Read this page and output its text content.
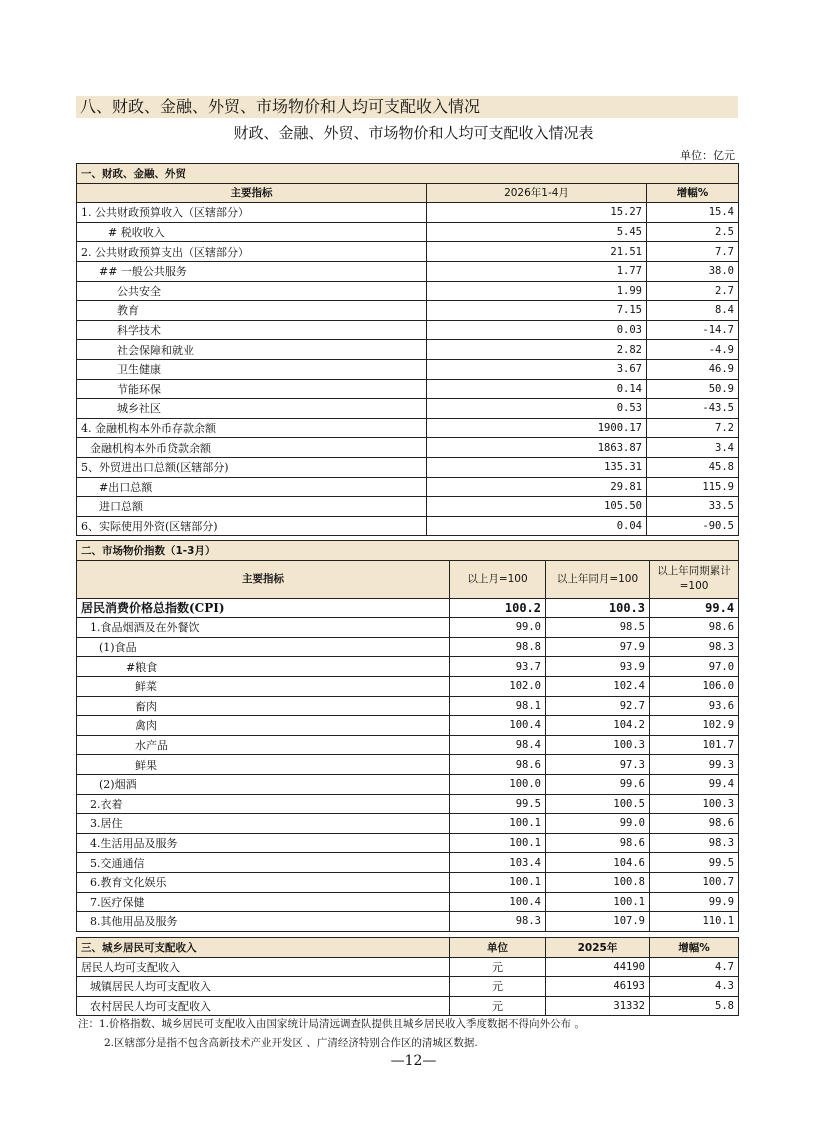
八、财政、金融、外贸、市场物价和人均可支配收入情况
财政、金融、外贸、市场物价和人均可支配收入情况表
单位：亿元
一、财政、金融、外贸		
主要指标	2026年1-4月	增幅%
1. 公共财政预算收入（区辖部分）	15.27	15.4
# 税收收入	5.45	2.5
2. 公共财政预算支出（区辖部分）	21.51	7.7
## 一般公共服务	1.77	38.0
公共安全	1.99	2.7
教育	7.15	8.4
科学技术	0.03	-14.7
社会保障和就业	2.82	-4.9
卫生健康	3.67	46.9
节能环保	0.14	50.9
城乡社区	0.53	-43.5
4. 金融机构本外币存款余额	1900.17	7.2
金融机构本外币贷款余额	1863.87	3.4
5、外贸进出口总额(区辖部分)	135.31	45.8
#出口总额	29.81	115.9
进口总额	105.50	33.5
6、实际使用外资(区辖部分)	0.04	-90.5
二、市场物价指数（1-3月）			
主要指标	以上月=100	以上年同月=100	以上年同期累计=100
居民消费价格总指数(CPI)	100.2	100.3	99.4
1.食品烟酒及在外餐饮	99.0	98.5	98.6
(1)食品	98.8	97.9	98.3
#粮食	93.7	93.9	97.0
鲜菜	102.0	102.4	106.0
畜肉	98.1	92.7	93.6
禽肉	100.4	104.2	102.9
水产品	98.4	100.3	101.7
鲜果	98.6	97.3	99.3
(2)烟酒	100.0	99.6	99.4
2.衣着	99.5	100.5	100.3
3.居住	100.1	99.0	98.6
4.生活用品及服务	100.1	98.6	98.3
5.交通通信	103.4	104.6	99.5
6.教育文化娱乐	100.1	100.8	100.7
7.医疗保健	100.4	100.1	99.9
8.其他用品及服务	98.3	107.9	110.1
三、城乡居民可支配收入	单位	2025年	增幅%
居民人均可支配收入	元	44190	4.7
城镇居民人均可支配收入	元	46193	4.3
农村居民人均可支配收入	元	31332	5.8
注：1.价格指数、城乡居民可支配收入由国家统计局清远调查队提供且城乡居民收入季度数据不得向外公布 。
2.区辖部分是指不包含高新技术产业开发区 、广清经济特别合作区的清城区数据.
—12—
